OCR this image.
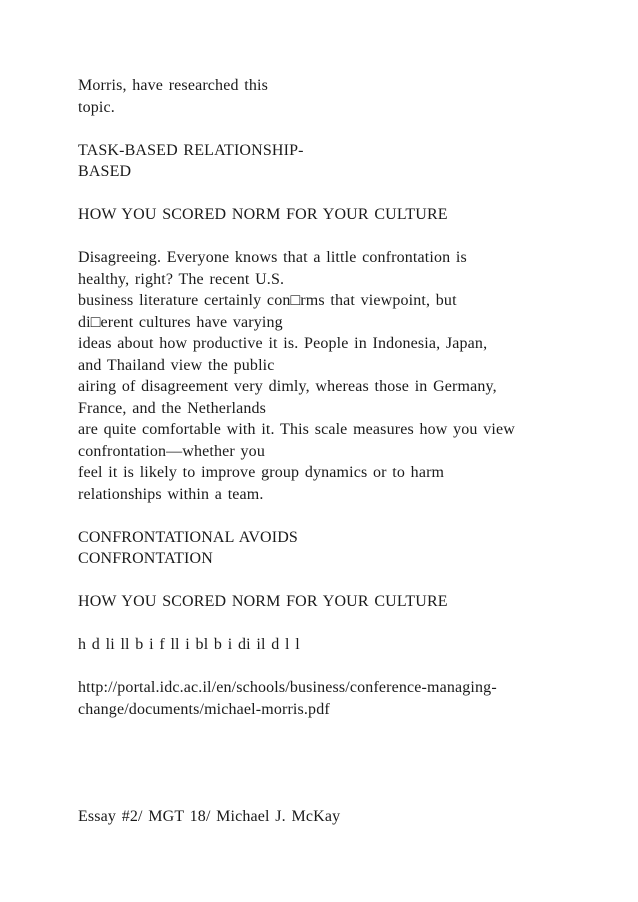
Morris, have researched this
topic.
TASK-BASED RELATIONSHIP-
BASED
HOW YOU SCORED NORM FOR YOUR CULTURE
Disagreeing. Everyone knows that a little confrontation is
healthy, right? The recent U.S.
business literature certainly con□rms that viewpoint, but
di□erent cultures have varying
ideas about how productive it is. People in Indonesia, Japan,
and Thailand view the public
airing of disagreement very dimly, whereas those in Germany,
France, and the Netherlands
are quite comfortable with it. This scale measures how you view
confrontation—whether you
feel it is likely to improve group dynamics or to harm
relationships within a team.
CONFRONTATIONAL AVOIDS
CONFRONTATION
HOW YOU SCORED NORM FOR YOUR CULTURE
h d li ll b i f ll i bl b i di il d l l
http://portal.idc.ac.il/en/schools/business/conference-managing-
change/documents/michael-morris.pdf
Essay #2/ MGT 18/ Michael J. McKay
